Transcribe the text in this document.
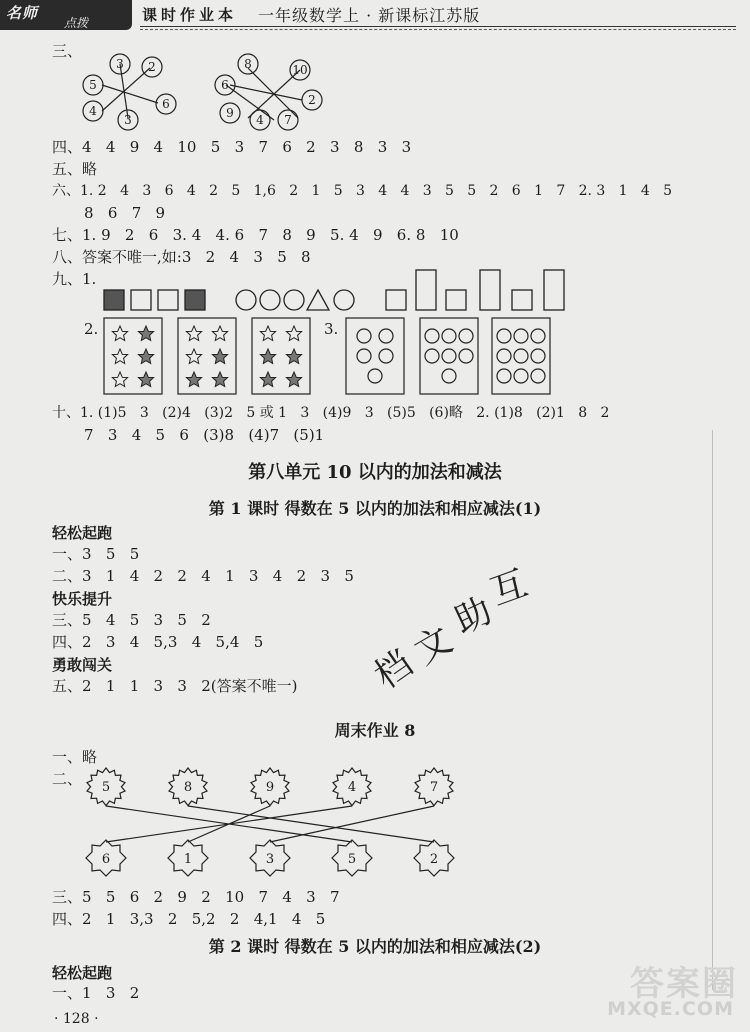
名师
点拨	课时作业本 一年级数学上 · 新课标江苏版
三、
3 2
5
6
4
3
8	10
6
2
9 4 7
四、4   4   9   4   10   5   3   7   6   2   3   8   3   3
五、略
六、1. 2   4   3   6   4   2   5   1,6   2   1   5   3   4   4   3   5   5   2   6   1   7   2. 3   1   4   5
8   6   7   9
七、1. 9   2   6   3. 4   4. 6   7   8   9   5. 4   9   6. 8   10
八、答案不唯一,如:3   2   4   3   5   8
九、1.
2.	3.
十、1. (1)5   3   (2)4   (3)2   5 或 1   3   (4)9   3   (5)5   (6)略   2. (1)8   (2)1   8   2
7   3   4   5   6   (3)8   (4)7   (5)1
第八单元 10 以内的加法和减法
第 1 课时 得数在 5 以内的加法和相应减法(1)
轻松起跑
一、3   5   5
二、3   1   4   2   2   4   1   3   4   2   3   5
快乐提升
三、5   4   5   3   5   2
四、2   3   4   5,3   4   5,4   5
勇敢闯关
五、2   1   1   3   3   2(答案不唯一)
互
助
文
档
周末作业 8
一、略
二、 5	8	9	4	7
6	1	3	5	2
三、5   5   6   2   9   2   10   7   4   3   7
四、2   1   3,3   2   5,2   2   4,1   4   5
第 2 课时 得数在 5 以内的加法和相应减法(2)
轻松起跑
一、1   3   2
· 128 ·
答案圈
MXQE.COM
